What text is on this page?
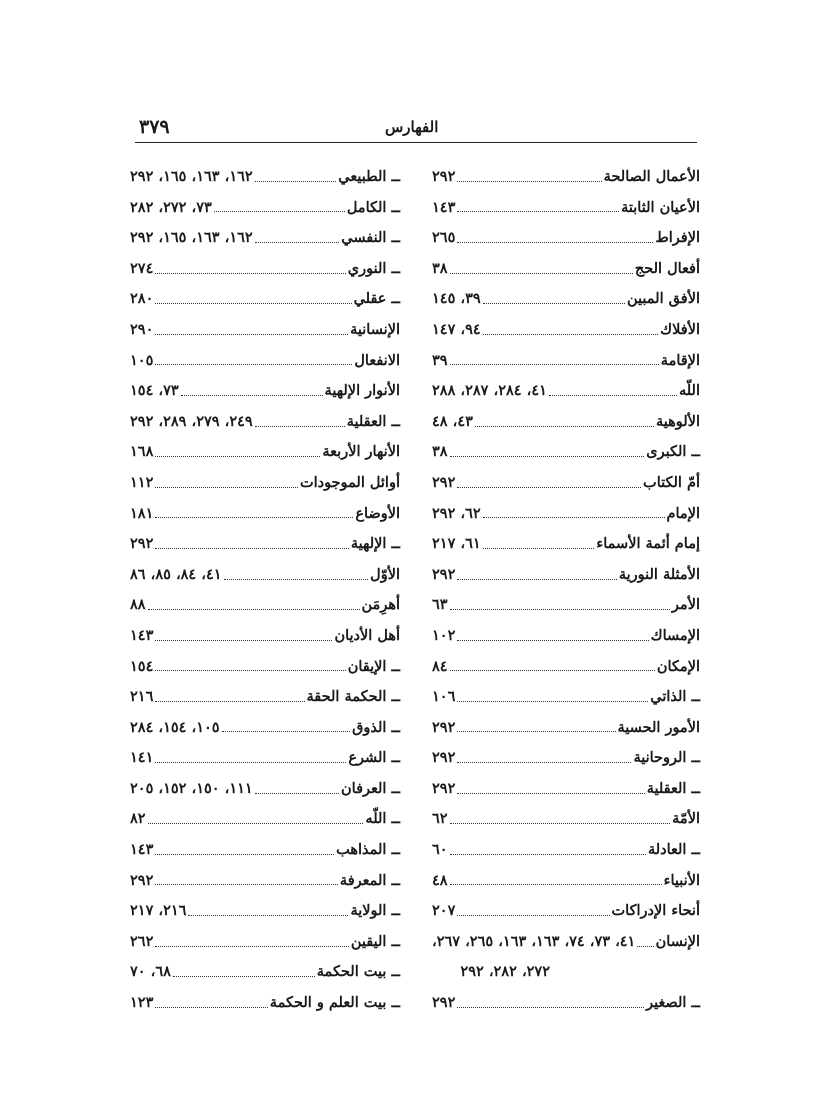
٣٧٩	الفهارس
الأعمال الصالحة
٢٩٢
الأعيان الثابتة
١٤٣
الإفراط
٢٦٥
أفعال الحج
٣٨
الأفق المبين
٣٩، ١٤٥
الأفلاك
٩٤، ١٤٧
الإقامة
٣٩
اللّه
٤١، ٢٨٤، ٢٨٧، ٢٨٨
الألوهية
٤٣، ٤٨
ــ الكبرى
٣٨
أمّ الكتاب
٢٩٢
الإمام
٦٢، ٢٩٢
إمام أئمة الأسماء
٦١، ٢١٧
الأمثلة النورية
٢٩٢
الأمر
٦٣
الإمساك
١٠٢
الإمكان
٨٤
ــ الذاتي
١٠٦
الأمور الحسية
٢٩٢
ــ الروحانية
٢٩٢
ــ العقلية
٢٩٢
الأمّة
٦٢
ــ العادلة
٦٠
الأنبياء
٤٨
أنحاء الإدراكات
٢٠٧
الإنسان
٤١، ٧٣، ٧٤، ١٦٣، ١٦٣، ٢٦٥، ٢٦٧،
٢٧٢، ٢٨٢، ٢٩٢
ــ الصغير
٢٩٢
ــ الطبيعي
١٦٢، ١٦٣، ١٦٥، ٢٩٢
ــ الكامل
٧٣، ٢٧٢، ٢٨٢
ــ النفسي
١٦٢، ١٦٣، ١٦٥، ٢٩٢
ــ النوري
٢٧٤
ــ عقلي
٢٨٠
الإنسانية
٢٩٠
الانفعال
١٠٥
الأنوار الإلهية
٧٣، ١٥٤
ــ العقلية
٢٤٩، ٢٧٩، ٢٨٩، ٢٩٢
الأنهار الأربعة
١٦٨
أوائل الموجودات
١١٢
الأوضاع
١٨١
ــ الإلهية
٢٩٢
الأوّل
٤١، ٨٤، ٨٥، ٨٦
أهرِمَن
٨٨
أهل الأديان
١٤٣
ــ الإيقان
١٥٤
ــ الحكمة الحقة
٢١٦
ــ الذوق
١٠٥، ١٥٤، ٢٨٤
ــ الشرع
١٤١
ــ العرفان
١١١، ١٥٠، ١٥٢، ٢٠٥
ــ اللّه
٨٢
ــ المذاهب
١٤٣
ــ المعرفة
٢٩٢
ــ الولاية
٢١٦، ٢١٧
ــ اليقين
٢٦٢
ــ بيت الحكمة
٦٨، ٧٠
ــ بيت العلم و الحكمة
١٢٣
